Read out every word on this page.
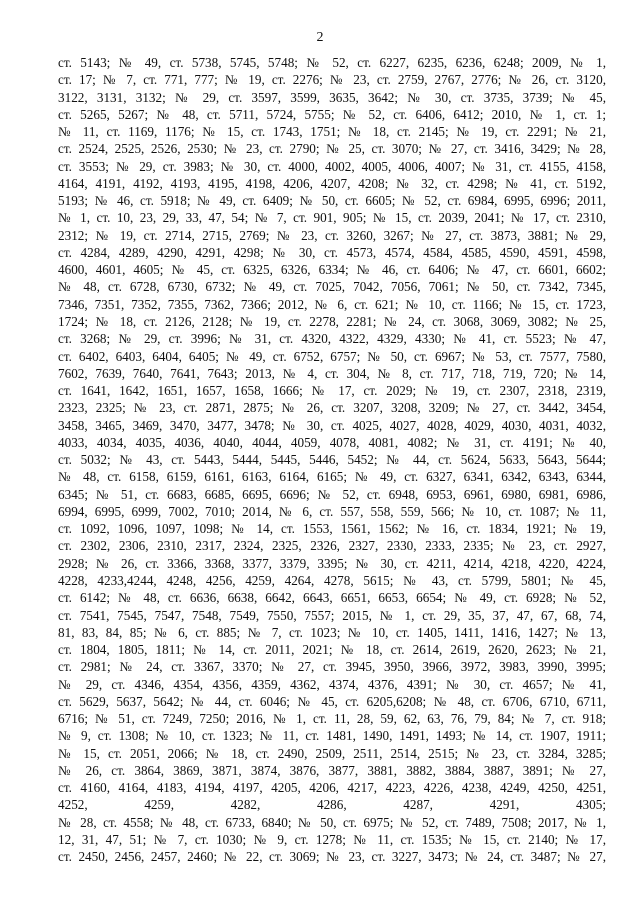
2
ст. 5143; № 49, ст. 5738, 5745, 5748; № 52, ст. 6227, 6235, 6236, 6248; 2009, № 1,
ст. 17; № 7, ст. 771, 777; № 19, ст. 2276; № 23, ст. 2759, 2767, 2776; № 26, ст. 3120,
3122, 3131, 3132; № 29, ст. 3597, 3599, 3635, 3642; № 30, ст. 3735, 3739; № 45,
ст. 5265, 5267; № 48, ст. 5711, 5724, 5755; № 52, ст. 6406, 6412; 2010, № 1, ст. 1;
№ 11, ст. 1169, 1176; № 15, ст. 1743, 1751; № 18, ст. 2145; № 19, ст. 2291; № 21,
ст. 2524, 2525, 2526, 2530; № 23, ст. 2790; № 25, ст. 3070; № 27, ст. 3416, 3429; № 28,
ст. 3553; № 29, ст. 3983; № 30, ст. 4000, 4002, 4005, 4006, 4007; № 31, ст. 4155, 4158,
4164, 4191, 4192, 4193, 4195, 4198, 4206, 4207, 4208; № 32, ст. 4298; № 41, ст. 5192,
5193; № 46, ст. 5918; № 49, ст. 6409; № 50, ст. 6605; № 52, ст. 6984, 6995, 6996; 2011,
№ 1, ст. 10, 23, 29, 33, 47, 54; № 7, ст. 901, 905; № 15, ст. 2039, 2041; № 17, ст. 2310,
2312; № 19, ст. 2714, 2715, 2769; № 23, ст. 3260, 3267; № 27, ст. 3873, 3881; № 29,
ст. 4284, 4289, 4290, 4291, 4298; № 30, ст. 4573, 4574, 4584, 4585, 4590, 4591, 4598,
4600, 4601, 4605; № 45, ст. 6325, 6326, 6334; № 46, ст. 6406; № 47, ст. 6601, 6602;
№ 48, ст. 6728, 6730, 6732; № 49, ст. 7025, 7042, 7056, 7061; № 50, ст. 7342, 7345,
7346, 7351, 7352, 7355, 7362, 7366; 2012, № 6, ст. 621; № 10, ст. 1166; № 15, ст. 1723,
1724; № 18, ст. 2126, 2128; № 19, ст. 2278, 2281; № 24, ст. 3068, 3069, 3082; № 25,
ст. 3268; № 29, ст. 3996; № 31, ст. 4320, 4322, 4329, 4330; № 41, ст. 5523; № 47,
ст. 6402, 6403, 6404, 6405; № 49, ст. 6752, 6757; № 50, ст. 6967; № 53, ст. 7577, 7580,
7602, 7639, 7640, 7641, 7643; 2013, № 4, ст. 304, № 8, ст. 717, 718, 719, 720; № 14,
ст. 1641, 1642, 1651, 1657, 1658, 1666; № 17, ст. 2029; № 19, ст. 2307, 2318, 2319,
2323, 2325; № 23, ст. 2871, 2875; № 26, ст. 3207, 3208, 3209; № 27, ст. 3442, 3454,
3458, 3465, 3469, 3470, 3477, 3478; № 30, ст. 4025, 4027, 4028, 4029, 4030, 4031, 4032,
4033, 4034, 4035, 4036, 4040, 4044, 4059, 4078, 4081, 4082; № 31, ст. 4191; № 40,
ст. 5032; № 43, ст. 5443, 5444, 5445, 5446, 5452; № 44, ст. 5624, 5633, 5643, 5644;
№ 48, ст. 6158, 6159, 6161, 6163, 6164, 6165; № 49, ст. 6327, 6341, 6342, 6343, 6344,
6345; № 51, ст. 6683, 6685, 6695, 6696; № 52, ст. 6948, 6953, 6961, 6980, 6981, 6986,
6994, 6995, 6999, 7002, 7010; 2014, № 6, ст. 557, 558, 559, 566; № 10, ст. 1087; № 11,
ст. 1092, 1096, 1097, 1098; № 14, ст. 1553, 1561, 1562; № 16, ст. 1834, 1921; № 19,
ст. 2302, 2306, 2310, 2317, 2324, 2325, 2326, 2327, 2330, 2333, 2335; № 23, ст. 2927,
2928; № 26, ст. 3366, 3368, 3377, 3379, 3395; № 30, ст. 4211, 4214, 4218, 4220, 4224,
4228, 4233,4244, 4248, 4256, 4259, 4264, 4278, 5615; № 43, ст. 5799, 5801; № 45,
ст. 6142; № 48, ст. 6636, 6638, 6642, 6643, 6651, 6653, 6654; № 49, ст. 6928; № 52,
ст. 7541, 7545, 7547, 7548, 7549, 7550, 7557; 2015, № 1, ст. 29, 35, 37, 47, 67, 68, 74,
81, 83, 84, 85; № 6, ст. 885; № 7, ст. 1023; № 10, ст. 1405, 1411, 1416, 1427; № 13,
ст. 1804, 1805, 1811; № 14, ст. 2011, 2021; № 18, ст. 2614, 2619, 2620, 2623; № 21,
ст. 2981; № 24, ст. 3367, 3370; № 27, ст. 3945, 3950, 3966, 3972, 3983, 3990, 3995;
№ 29, ст. 4346, 4354, 4356, 4359, 4362, 4374, 4376, 4391; № 30, ст. 4657; № 41,
ст. 5629, 5637, 5642; № 44, ст. 6046; № 45, ст. 6205,6208; № 48, ст. 6706, 6710, 6711,
6716; № 51, ст. 7249, 7250; 2016, № 1, ст. 11, 28, 59, 62, 63, 76, 79, 84; № 7, ст. 918;
№ 9, ст. 1308; № 10, ст. 1323; № 11, ст. 1481, 1490, 1491, 1493; № 14, ст. 1907, 1911;
№ 15, ст. 2051, 2066; № 18, ст. 2490, 2509, 2511, 2514, 2515; № 23, ст. 3284, 3285;
№ 26, ст. 3864, 3869, 3871, 3874, 3876, 3877, 3881, 3882, 3884, 3887, 3891; № 27,
ст. 4160, 4164, 4183, 4194, 4197, 4205, 4206, 4217, 4223, 4226, 4238, 4249, 4250, 4251,
4252, 4259, 4282, 4286, 4287, 4291, 4305;
№ 28, ст. 4558; № 48, ст. 6733, 6840; № 50, ст. 6975; № 52, ст. 7489, 7508; 2017, № 1,
12, 31, 47, 51; № 7, ст. 1030; № 9, ст. 1278; № 11, ст. 1535; № 15, ст. 2140; № 17,
ст. 2450, 2456, 2457, 2460; № 22, ст. 3069; № 23, ст. 3227, 3473; № 24, ст. 3487; № 27,
